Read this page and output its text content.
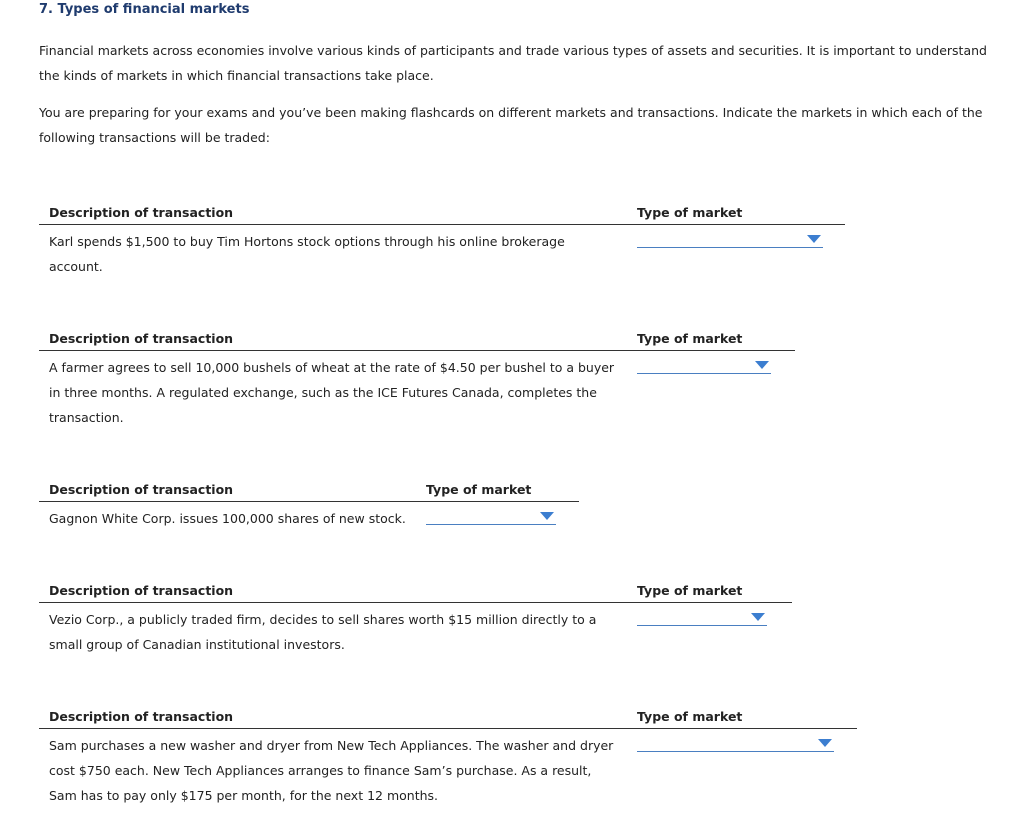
7. Types of financial markets

Financial markets across economies involve various kinds of participants and trade various types of assets and securities. It is important to understand the kinds of markets in which financial transactions take place.

You are preparing for your exams and you’ve been making flashcards on different markets and transactions. Indicate the markets in which each of the following transactions will be traded:

Description of transaction	Type of market
Karl spends $1,500 to buy Tim Hortons stock options through his online brokerage account.	
Description of transaction	Type of market
A farmer agrees to sell 10,000 bushels of wheat at the rate of $4.50 per bushel to a buyer in three months. A regulated exchange, such as the ICE Futures Canada, completes the transaction.	
Description of transaction	Type of market
Gagnon White Corp. issues 100,000 shares of new stock.	
Description of transaction	Type of market
Vezio Corp., a publicly traded firm, decides to sell shares worth $15 million directly to a small group of Canadian institutional investors.	
Description of transaction	Type of market
Sam purchases a new washer and dryer from New Tech Appliances. The washer and dryer cost $750 each. New Tech Appliances arranges to finance Sam’s purchase. As a result, Sam has to pay only $175 per month, for the next 12 months.	
